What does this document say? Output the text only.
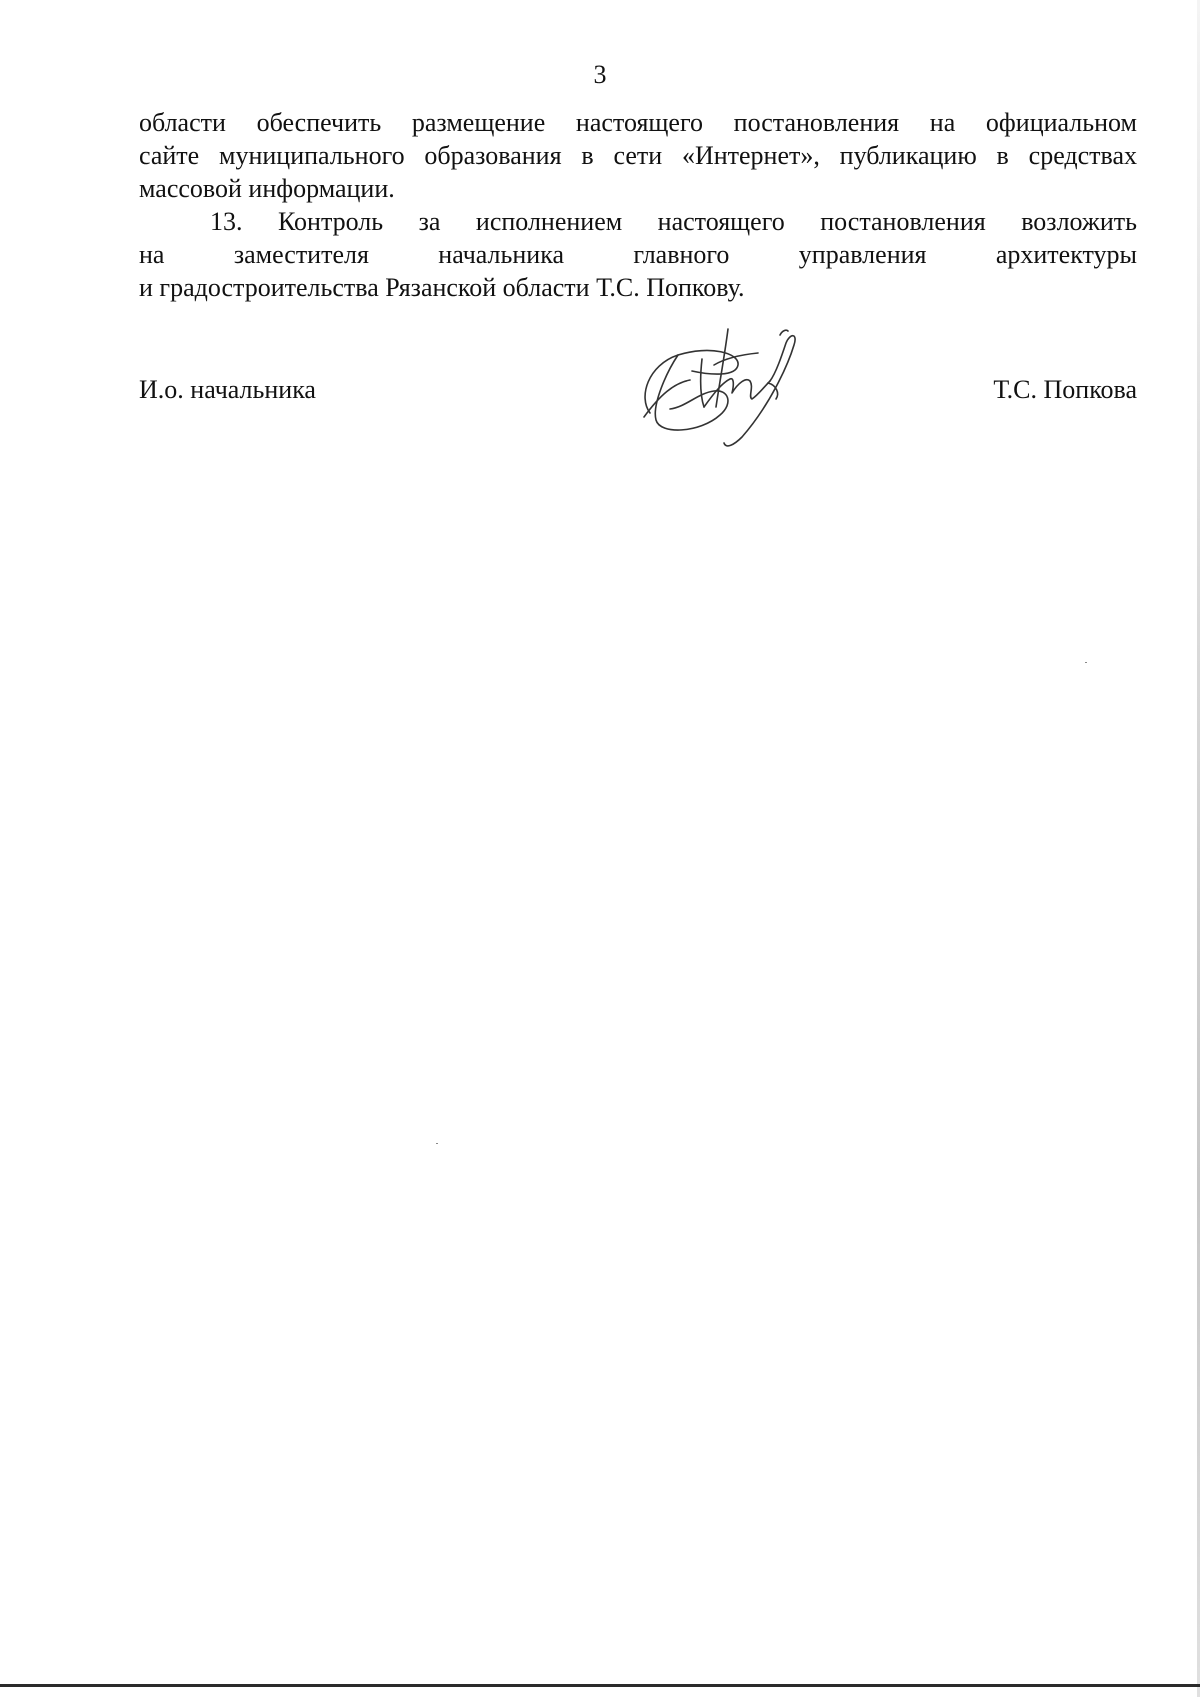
3

области обеспечить размещение настоящего постановления на официальном
сайте муниципального образования в сети «Интернет», публикацию в средствах
массовой информации.

13. Контроль за исполнением настоящего постановления возложить
на заместителя начальника главного управления архитектуры
и градостроительства Рязанской области Т.С. Попкову.

И.о. начальника	Т.С. Попкова
